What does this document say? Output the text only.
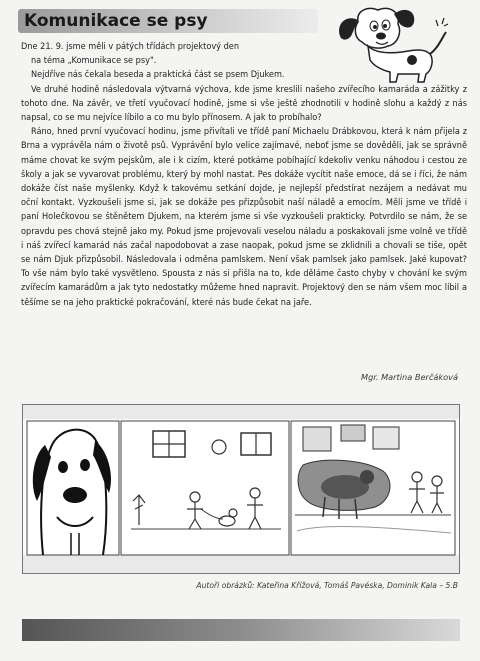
Komunikace se psy
Dne 21. 9. jsme měli v pátých třídách projektový den
na téma „Komunikace se psy".
Nejdříve nás čekala beseda a praktická část se psem Djukem.

Ve druhé hodině následovala výtvarná výchova, kde jsme kreslili našeho zvířecího kamaráda a zážitky z tohoto dne. Na závěr, ve třetí vyučovací hodině, jsme si vše ještě zhodnotili v hodině slohu a každý z nás napsal, co se mu nejvíce líbilo a co mu bylo přínosem. A jak to probíhalo?

Ráno, hned první vyučovací hodinu, jsme přivítali ve třídě paní Michaelu Drábkovou, která k nám přijela z Brna a vyprávěla nám o životě psů. Vyprávění bylo velice zajímavé, neboť jsme se dověděli, jak se správně máme chovat ke svým pejskům, ale i k cizím, které potkáme pobíhající kdekoliv venku náhodou i cestou ze školy a jak se vyvarovat problému, který by mohl nastat. Pes dokáže vycítit naše emoce, dá se i říci, že nám dokáže číst naše myšlenky. Když k takovému setkání dojde, je nejlepší předstírat nezájem a nedávat mu oční kontakt. Vyzkoušeli jsme si, jak se dokáže pes přizpůsobit naší náladě a emocím. Měli jsme ve třídě i paní Holečkovou se štěnětem Djukem, na kterém jsme si vše vyzkoušeli prakticky. Potvrdilo se nám, že se opravdu pes chová stejně jako my. Pokud jsme projevovali veselou náladu a poskakovali jsme volně ve třídě i náš zvířecí kamarád nás začal napodobovat a zase naopak, pokud jsme se zklidnili a chovali se tiše, opět se nám Djuk přizpůsobil. Následovala i odměna pamlskem. Není však pamlsek jako pamlsek. Jaké kupovat? To vše nám bylo také vysvětleno. Spousta z nás si přišla na to, kde děláme často chyby v chování ke svým zvířecím kamarádům a jak tyto nedostatky můžeme hned napravit. Projektový den se nám všem moc líbil a těšíme se na jeho praktické pokračování, které nás bude čekat na jaře.

Mgr. Martina Berčáková
Autoři obrázků: Kateřina Křížová, Tomáš Pavéska, Dominik Kala – 5.B
